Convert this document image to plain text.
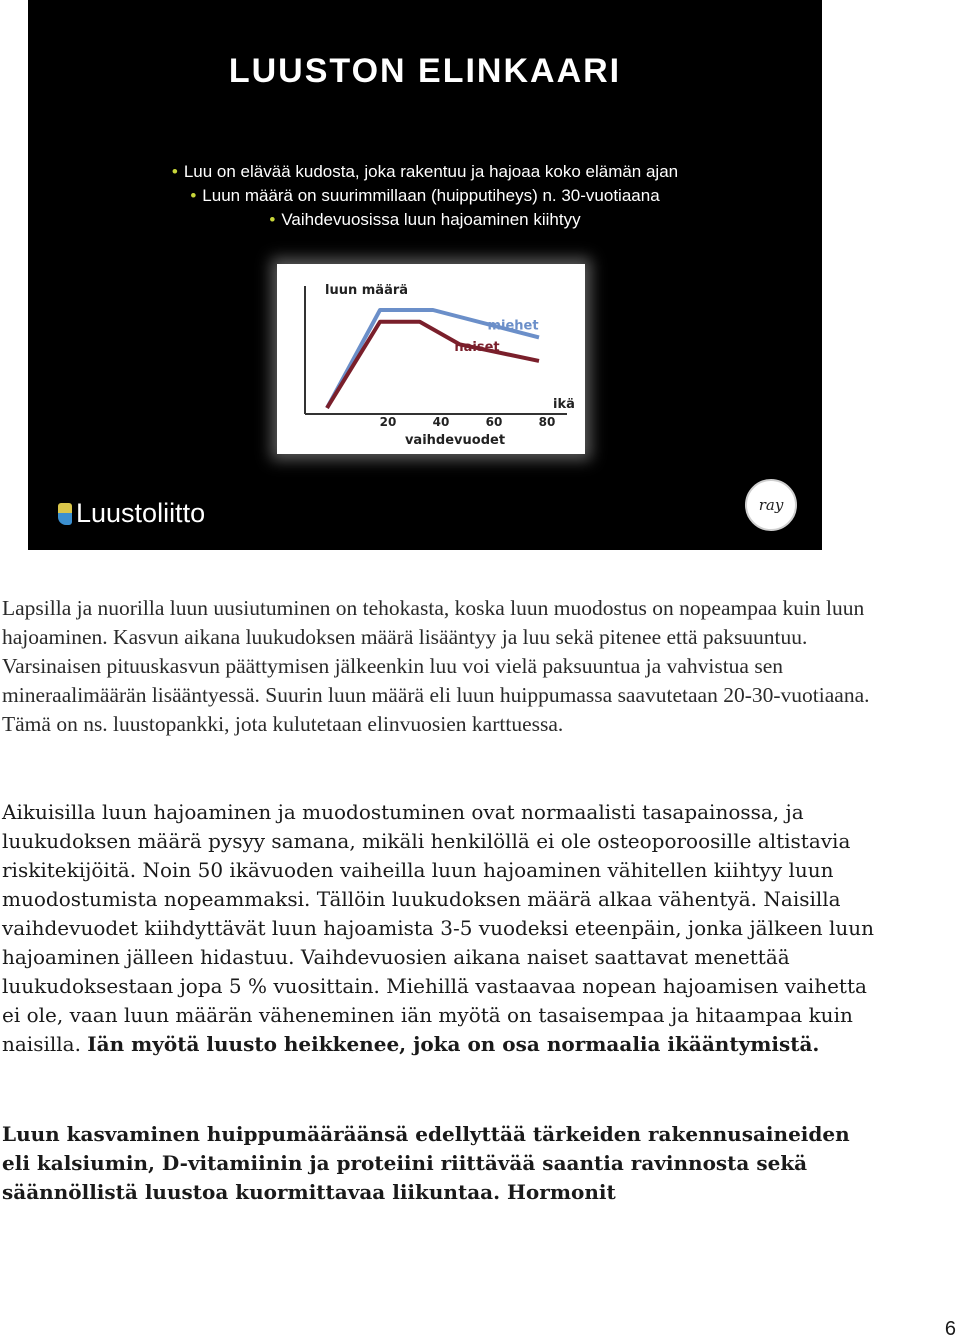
LUUSTON ELINKAARI
• Luu on elävää kudosta, joka rakentuu ja hajoaa koko elämän ajan
• Luun määrä on suurimmillaan (huipputiheys) n. 30-vuotiaana
• Vaihdevuosissa luun hajoaminen kiihtyy
luun määrä
ikä
20	40	60	80
vaihdevuodet
miehet
naiset
Luustoliitto	ray

Lapsilla ja nuorilla luun uusiutuminen on tehokasta, koska luun muodostus on nopeampaa kuin luun hajoaminen. Kasvun aikana luukudoksen määrä lisääntyy ja luu sekä pitenee että paksuuntuu. Varsinaisen pituuskasvun päättymisen jälkeenkin luu voi vielä paksuuntua ja vahvistua sen mineraalimäärän lisääntyessä. Suurin luun määrä eli luun huippumassa saavutetaan 20-30-vuotiaana. Tämä on ns. luustopankki, jota kulutetaan elinvuosien karttuessa.

Aikuisilla luun hajoaminen ja muodostuminen ovat normaalisti tasapainossa, ja luukudoksen määrä pysyy samana, mikäli henkilöllä ei ole osteoporoosille altistavia riskitekijöitä. Noin 50 ikävuoden vaiheilla luun hajoaminen vähitellen kiihtyy luun muodostumista nopeammaksi. Tällöin luukudoksen määrä alkaa vähentyä. Naisilla vaihdevuodet kiihdyttävät luun hajoamista 3-5 vuodeksi eteenpäin, jonka jälkeen luun hajoaminen jälleen hidastuu. Vaihdevuosien aikana naiset saattavat menettää luukudoksestaan jopa 5 % vuosittain. Miehillä vastaavaa nopean hajoamisen vaihetta ei ole, vaan luun määrän väheneminen iän myötä on tasaisempaa ja hitaampaa kuin naisilla. Iän myötä luusto heikkenee, joka on osa normaalia ikääntymistä.

Luun kasvaminen huippumääräänsä edellyttää tärkeiden rakennusaineiden eli kalsiumin, D-vitamiinin ja proteiini riittävää saantia ravinnosta sekä säännöllistä luustoa kuormittavaa liikuntaa. Hormonit

6
